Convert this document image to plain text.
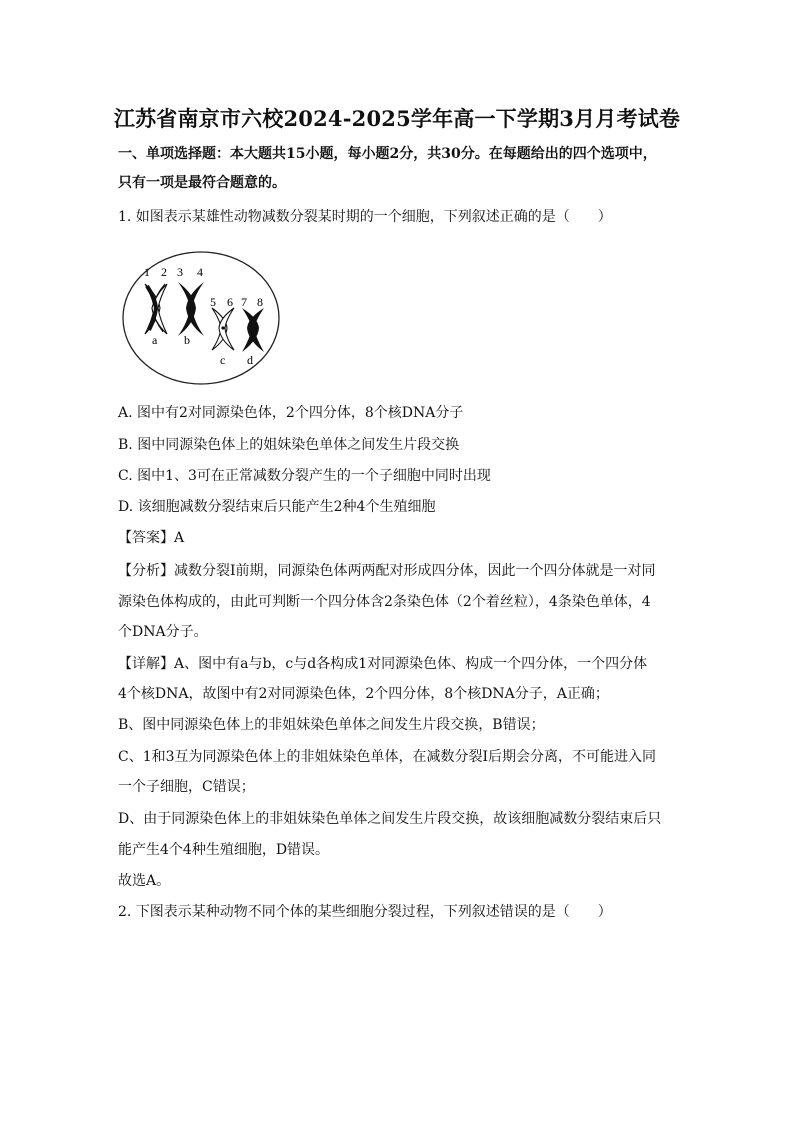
江苏省南京市六校2024-2025学年高一下学期3月月考试卷
一、单项选择题：本大题共15小题，每小题2分，共30分。在每题给出的四个选项中，
只有一项是最符合题意的。
1. 如图表示某雄性动物减数分裂某时期的一个细胞，下列叙述正确的是（　　）
1 2 3 4
5 6 7 8
a b
c d
A. 图中有2对同源染色体，2个四分体，8个核DNA分子
B. 图中同源染色体上的姐妹染色单体之间发生片段交换
C. 图中1、3可在正常减数分裂产生的一个子细胞中同时出现
D. 该细胞减数分裂结束后只能产生2种4个生殖细胞
【答案】A
【分析】减数分裂Ⅰ前期，同源染色体两两配对形成四分体，因此一个四分体就是一对同
源染色体构成的，由此可判断一个四分体含2条染色体（2个着丝粒），4条染色单体，4
个DNA分子。
【详解】A、图中有a与b，c与d各构成1对同源染色体、构成一个四分体，一个四分体
4个核DNA，故图中有2对同源染色体，2个四分体，8个核DNA分子，A正确；
B、图中同源染色体上的非姐妹染色单体之间发生片段交换，B错误；
C、1和3互为同源染色体上的非姐妹染色单体，在减数分裂Ⅰ后期会分离，不可能进入同
一个子细胞，C错误；
D、由于同源染色体上的非姐妹染色单体之间发生片段交换，故该细胞减数分裂结束后只
能产生4个4种生殖细胞，D错误。
故选A。
2. 下图表示某种动物不同个体的某些细胞分裂过程，下列叙述错误的是（　　）
